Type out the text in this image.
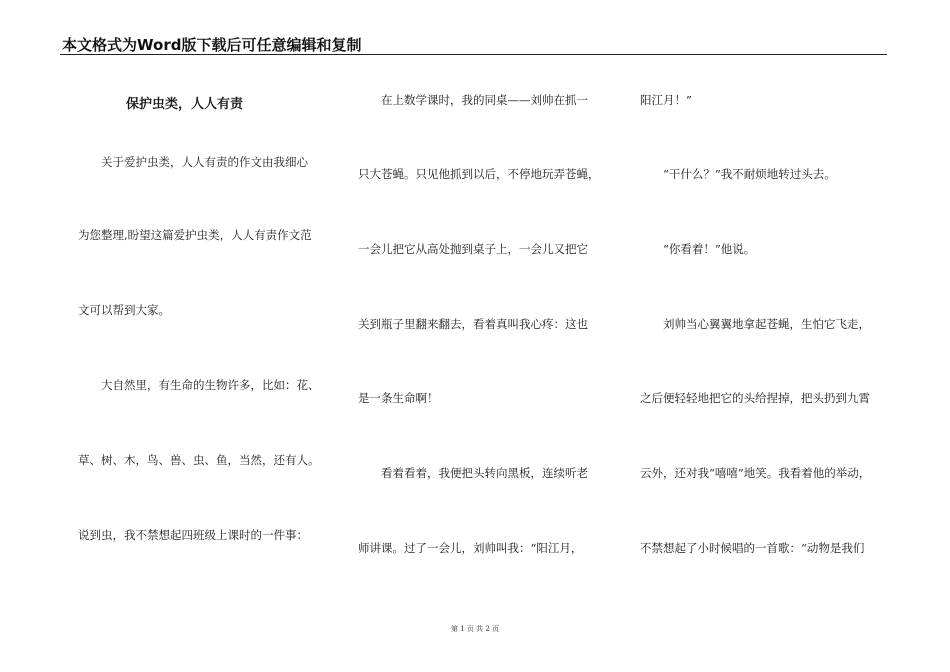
本文格式为Word版下载后可任意编辑和复制
保护虫类，人人有责
关于爱护虫类，人人有责的作文由我细心
为您整理,盼望这篇爱护虫类，人人有责作文范
文可以帮到大家。
大自然里，有生命的生物许多，比如：花、
草、树、木，鸟、兽、虫、鱼，当然，还有人。
说到虫，我不禁想起四班级上课时的一件事：
在上数学课时，我的同桌——刘帅在抓一
只大苍蝇。只见他抓到以后，不停地玩弄苍蝇，
一会儿把它从高处抛到桌子上，一会儿又把它
关到瓶子里翻来翻去，看着真叫我心疼：这也
是一条生命啊！
看着看着，我便把头转向黑板，连续听老
师讲课。过了一会儿，刘帅叫我：“阳江月，
阳江月！”
“干什么？”我不耐烦地转过头去。
“你看着！”他说。
刘帅当心翼翼地拿起苍蝇，生怕它飞走，
之后便轻轻地把它的头给捏掉，把头扔到九霄
云外，还对我“嘻嘻”地笑。我看着他的举动，
不禁想起了小时候唱的一首歌：“动物是我们
第 1 页 共 2 页
